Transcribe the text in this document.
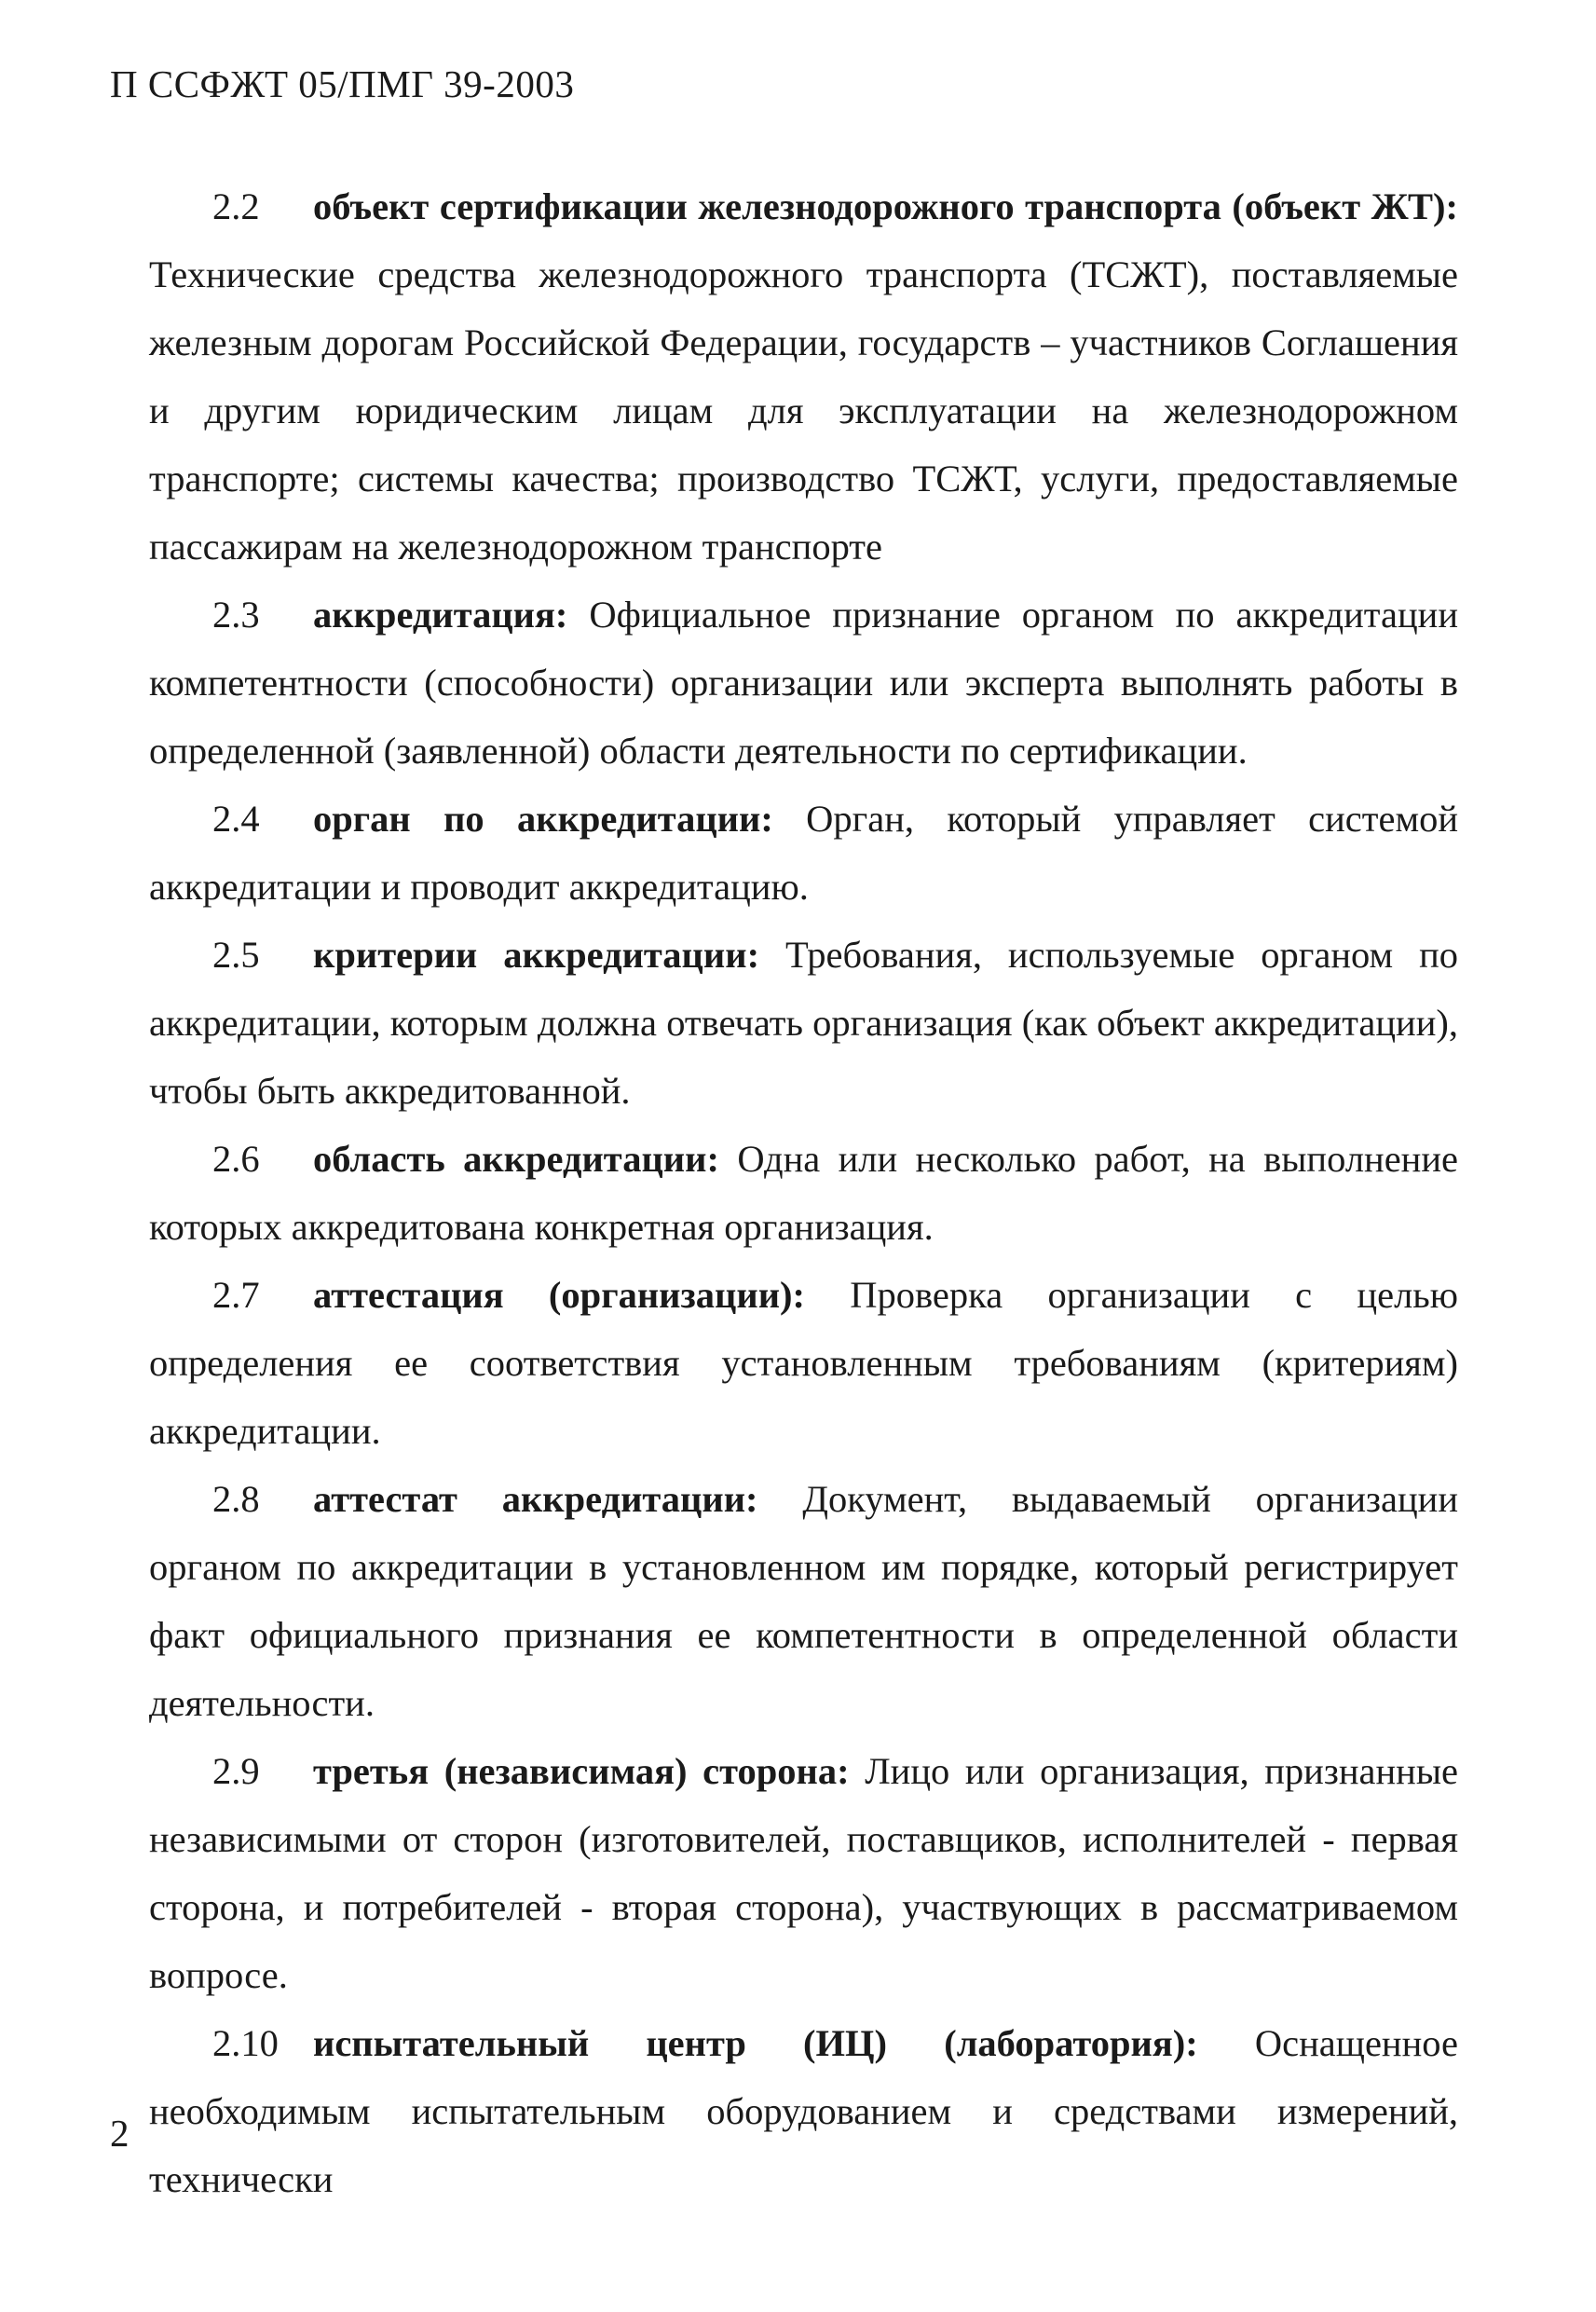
П ССФЖТ 05/ПМГ 39-2003

2.2 объект сертификации железнодорожного транспорта (объект ЖТ): Технические средства железнодорожного транспорта (ТСЖТ), поставляемые железным дорогам Российской Федерации, государств – участников Соглашения и другим юридическим лицам для эксплуатации на железнодорожном транспорте; системы качества; производство ТСЖТ, услуги, предоставляемые пассажирам на железнодорожном транспорте

2.3 аккредитация: Официальное признание органом по аккредитации компетентности (способности) организации или эксперта выполнять работы в определенной (заявленной) области деятельности по сертификации.

2.4 орган по аккредитации: Орган, который управляет системой аккредитации и проводит аккредитацию.

2.5 критерии аккредитации: Требования, используемые органом по аккредитации, которым должна отвечать организация (как объект аккредитации), чтобы быть аккредитованной.

2.6 область аккредитации: Одна или несколько работ, на выполнение которых аккредитована конкретная организация.

2.7 аттестация (организации): Проверка организации с целью определения ее соответствия установленным требованиям (критериям) аккредитации.

2.8 аттестат аккредитации: Документ, выдаваемый организации органом по аккредитации в установленном им порядке, который регистрирует факт официального признания ее компетентности в определенной области деятельности.

2.9 третья (независимая) сторона: Лицо или организация, признанные независимыми от сторон (изготовителей, поставщиков, исполнителей - первая сторона, и потребителей - вторая сторона), участвующих в рассматриваемом вопросе.

2.10 испытательный центр (ИЦ) (лаборатория): Оснащенное необходимым испытательным оборудованием и средствами измерений, технически

2
